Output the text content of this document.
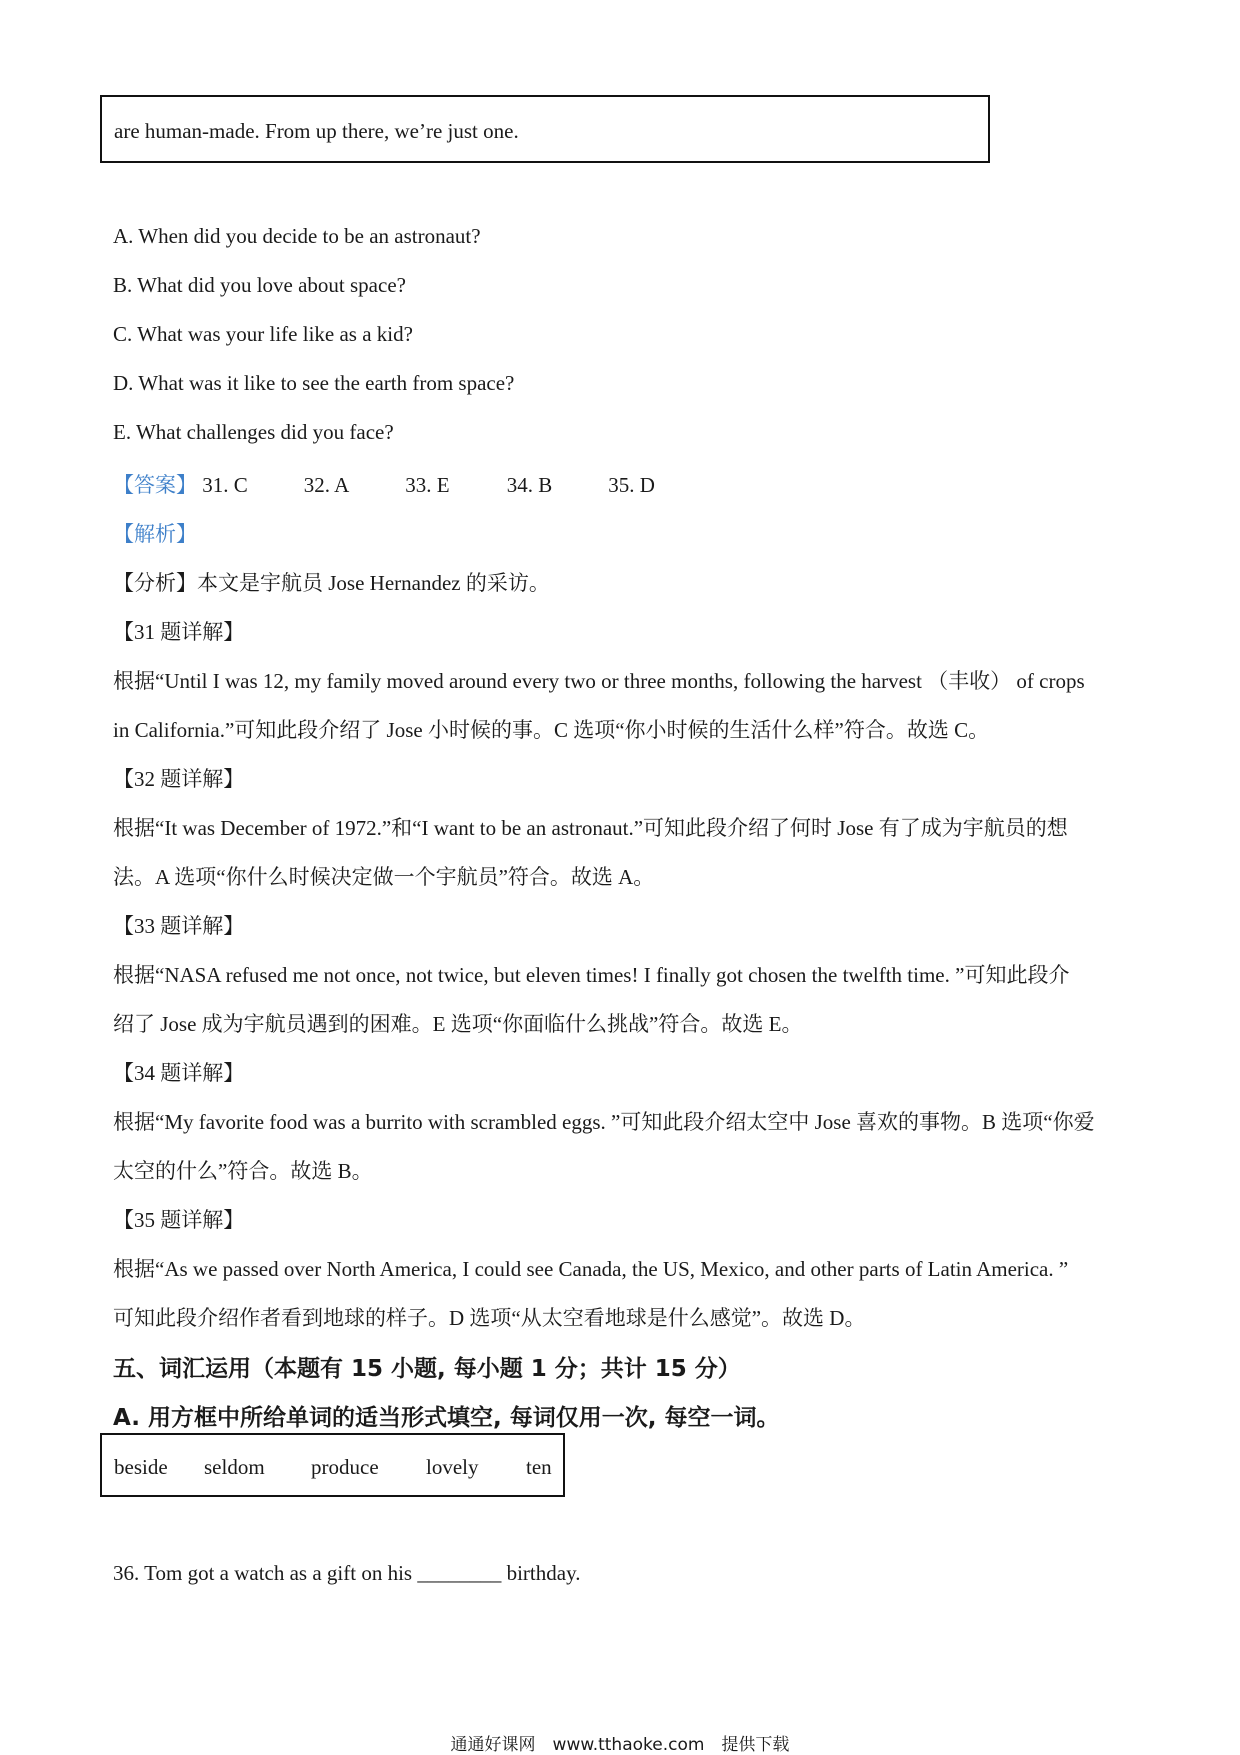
are human-made. From up there, we’re just one.
A. When did you decide to be an astronaut?
B. What did you love about space?
C. What was your life like as a kid?
D. What was it like to see the earth from space?
E. What challenges did you face?
【答案】 31. C	32. A	33. E	34. B	35. D
【解析】
【分析】本文是宇航员 Jose Hernandez 的采访。
【31 题详解】
根据“Until I was 12, my family moved around every two or three months, following the harvest （丰收） of crops
in California.”可知此段介绍了 Jose 小时候的事。C 选项“你小时候的生活什么样”符合。故选 C。
【32 题详解】
根据“It was December of 1972.”和“I want to be an astronaut.”可知此段介绍了何时 Jose 有了成为宇航员的想
法。A 选项“你什么时候决定做一个宇航员”符合。故选 A。
【33 题详解】
根据“NASA refused me not once, not twice, but eleven times! I finally got chosen the twelfth time. ”可知此段介
绍了 Jose 成为宇航员遇到的困难。E 选项“你面临什么挑战”符合。故选 E。
【34 题详解】
根据“My favorite food was a burrito with scrambled eggs. ”可知此段介绍太空中 Jose 喜欢的事物。B 选项“你爱
太空的什么”符合。故选 B。
【35 题详解】
根据“As we passed over North America, I could see Canada, the US, Mexico, and other parts of Latin America. ”
可知此段介绍作者看到地球的样子。D 选项“从太空看地球是什么感觉”。故选 D。
五、词汇运用（本题有 15 小题, 每小题 1 分；共计 15 分）
A. 用方框中所给单词的适当形式填空, 每词仅用一次, 每空一词。
beside seldom produce lovely ten
36. Tom got a watch as a gift on his ________ birthday.
通通好课网　www.tthaoke.com　提供下载
